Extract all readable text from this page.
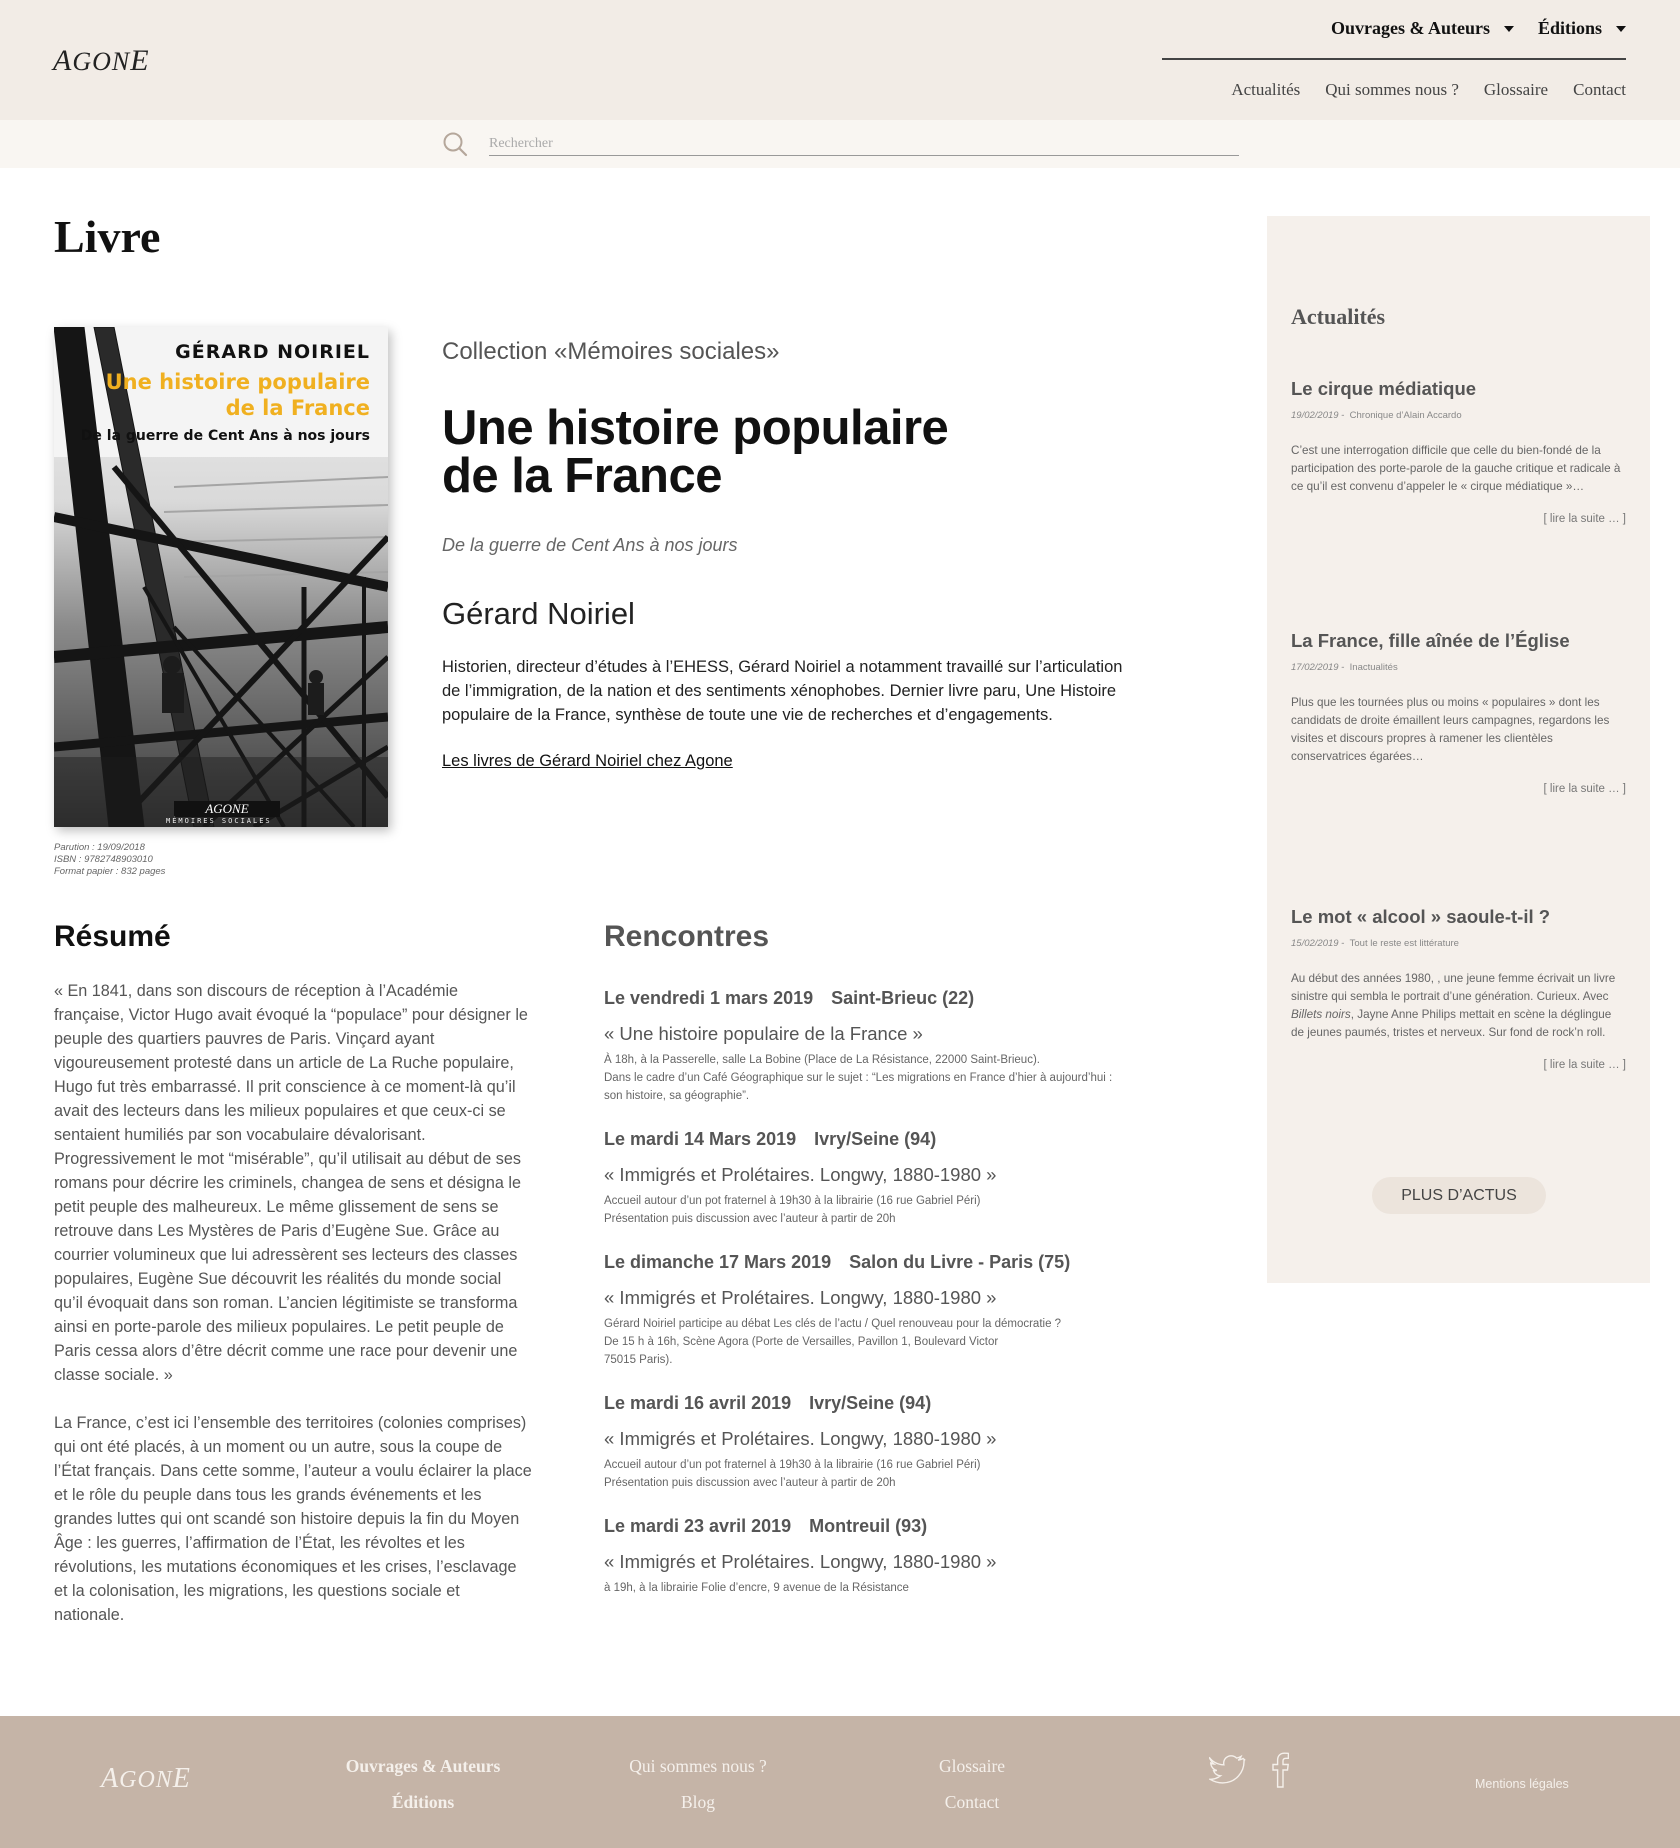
AGONE
Ouvrages & Auteurs	Éditions
Actualités Qui sommes nous ? Glossaire Contact
Rechercher
Livre
GÉRARD NOIRIEL
Une histoire populaire
de la France
De la guerre de Cent Ans à nos jours
AGONE
MÉMOIRES SOCIALES
Parution : 19/09/2018
ISBN : 9782748903010
Format papier : 832 pages
Collection «Mémoires sociales»
Une histoire populaire
de la France
De la guerre de Cent Ans à nos jours
Gérard Noiriel
Historien, directeur d’études à l’EHESS, Gérard Noiriel a notamment travaillé sur l’articulation de l’immigration, de la nation et des sentiments xénophobes. Dernier livre paru, Une Histoire populaire de la France, synthèse de toute une vie de recherches et d’engagements.
Les livres de Gérard Noiriel chez Agone
Résumé

« En 1841, dans son discours de réception à l’Académie française, Victor Hugo avait évoqué la “populace” pour désigner le peuple des quartiers pauvres de Paris. Vinçard ayant vigoureusement protesté dans un article de La Ruche populaire, Hugo fut très embarrassé. Il prit conscience à ce moment-là qu’il avait des lecteurs dans les milieux populaires et que ceux-ci se sentaient humiliés par son vocabulaire dévalorisant. Progressivement le mot “misérable”, qu’il utilisait au début de ses romans pour décrire les criminels, changea de sens et désigna le petit peuple des malheureux. Le même glissement de sens se retrouve dans Les Mystères de Paris d’Eugène Sue. Grâce au courrier volumineux que lui adressèrent ses lecteurs des classes populaires, Eugène Sue découvrit les réalités du monde social qu’il évoquait dans son roman. L’ancien légitimiste se transforma ainsi en porte-parole des milieux populaires. Le petit peuple de Paris cessa alors d’être décrit comme une race pour devenir une classe sociale. »

La France, c’est ici l’ensemble des territoires (colonies comprises) qui ont été placés, à un moment ou un autre, sous la coupe de l’État français. Dans cette somme, l’auteur a voulu éclairer la place et le rôle du peuple dans tous les grands événements et les grandes luttes qui ont scandé son histoire depuis la fin du Moyen Âge : les guerres, l’affirmation de l’État, les révoltes et les révolutions, les mutations économiques et les crises, l’esclavage et la colonisation, les migrations, les questions sociale et nationale.

Rencontres
Le vendredi 1 mars 2019 Saint-Brieuc (22)
« Une histoire populaire de la France »
À 18h, à la Passerelle, salle La Bobine (Place de La Résistance, 22000 Saint-Brieuc).
Dans le cadre d’un Café Géographique sur le sujet : “Les migrations en France d’hier à aujourd’hui :
son histoire, sa géographie”.
Le mardi 14 Mars 2019 Ivry/Seine (94)
« Immigrés et Prolétaires. Longwy, 1880-1980 »
Accueil autour d’un pot fraternel à 19h30 à la librairie (16 rue Gabriel Péri)
Présentation puis discussion avec l’auteur à partir de 20h
Le dimanche 17 Mars 2019 Salon du Livre - Paris (75)
« Immigrés et Prolétaires. Longwy, 1880-1980 »
Gérard Noiriel participe au débat Les clés de l’actu / Quel renouveau pour la démocratie ?
De 15 h à 16h, Scène Agora (Porte de Versailles, Pavillon 1, Boulevard Victor
75015 Paris).
Le mardi 16 avril 2019 Ivry/Seine (94)
« Immigrés et Prolétaires. Longwy, 1880-1980 »
Accueil autour d’un pot fraternel à 19h30 à la librairie (16 rue Gabriel Péri)
Présentation puis discussion avec l’auteur à partir de 20h
Le mardi 23 avril 2019 Montreuil (93)
« Immigrés et Prolétaires. Longwy, 1880-1980 »
à 19h, à la librairie Folie d’encre, 9 avenue de la Résistance
Actualités
Le cirque médiatique
19/02/2019 - Chronique d’Alain Accardo
C’est une interrogation difficile que celle du bien-fondé de la participation des porte-parole de la gauche critique et radicale à ce qu’il est convenu d’appeler le « cirque médiatique »…
[ lire la suite … ]
La France, fille aînée de l’Église
17/02/2019 - Inactualités
Plus que les tournées plus ou moins « populaires » dont les candidats de droite émaillent leurs campagnes, regardons les visites et discours propres à ramener les clientèles conservatrices égarées…
[ lire la suite … ]
Le mot « alcool » saoule-t-il ?
15/02/2019 - Tout le reste est littérature
Au début des années 1980, , une jeune femme écrivait un livre sinistre qui sembla le portrait d’une génération. Curieux. Avec Billets noirs, Jayne Anne Philips mettait en scène la déglingue de jeunes paumés, tristes et nerveux. Sur fond de rock’n roll.
[ lire la suite … ]
PLUS D’ACTUS
AGONE	Ouvrages & Auteurs
Éditions
Qui sommes nous ?
Blog
Glossaire
Contact
Mentions légales
